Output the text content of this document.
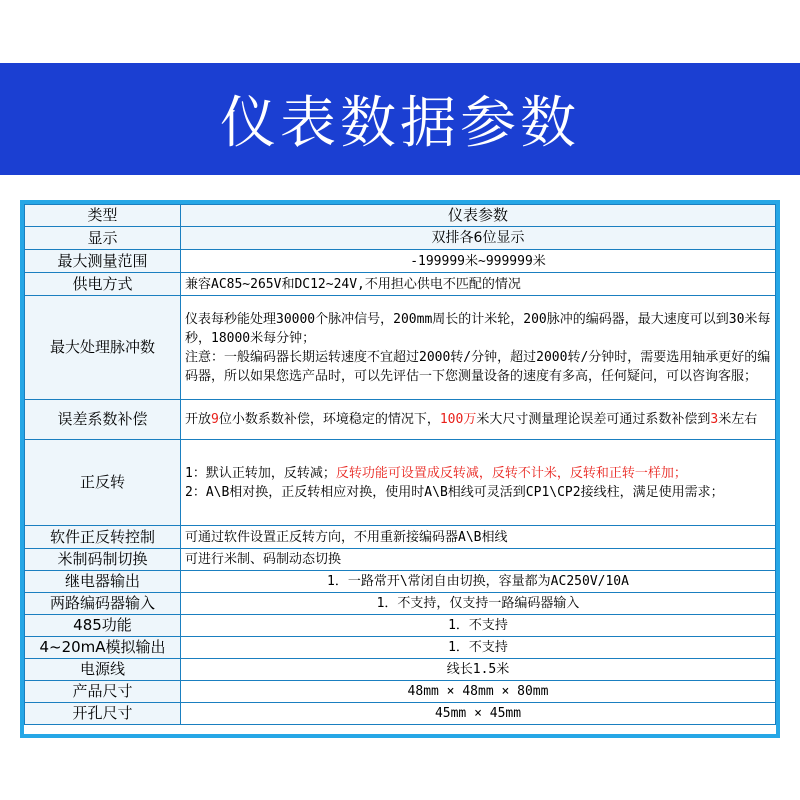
仪表数据参数
类型	仪表参数
显示	双排各6位显示
最大测量范围	-199999米~999999米
供电方式	兼容AC85~265V和DC12~24V,不用担心供电不匹配的情况
最大处理脉冲数	仪表每秒能处理30000个脉冲信号，200mm周长的计米轮，200脉冲的编码器，最大速度可以到30米每秒，18000米每分钟；
注意：一般编码器长期运转速度不宜超过2000转/分钟，超过2000转/分钟时，需要选用轴承更好的编码器，所以如果您选产品时，可以先评估一下您测量设备的速度有多高，任何疑问，可以咨询客服；

误差系数补偿	开放9位小数系数补偿，环境稳定的情况下，100万米大尺寸测量理论误差可通过系数补偿到3米左右
正反转	1：默认正转加，反转减；反转功能可设置成反转减，反转不计米，反转和正转一样加；
2：A\B相对换，正反转相应对换，使用时A\B相线可灵活到CP1\CP2接线柱，满足使用需求；

软件正反转控制	可通过软件设置正反转方向，不用重新接编码器A\B相线
米制码制切换	可进行米制、码制动态切换
继电器输出	1．一路常开\常闭自由切换，容量都为AC250V/10A
两路编码器输入	1．不支持，仅支持一路编码器输入
485功能	1．不支持
4~20mA模拟输出	1．不支持
电源线	线长1.5米
产品尺寸	48mm × 48mm × 80mm
开孔尺寸	45mm × 45mm
